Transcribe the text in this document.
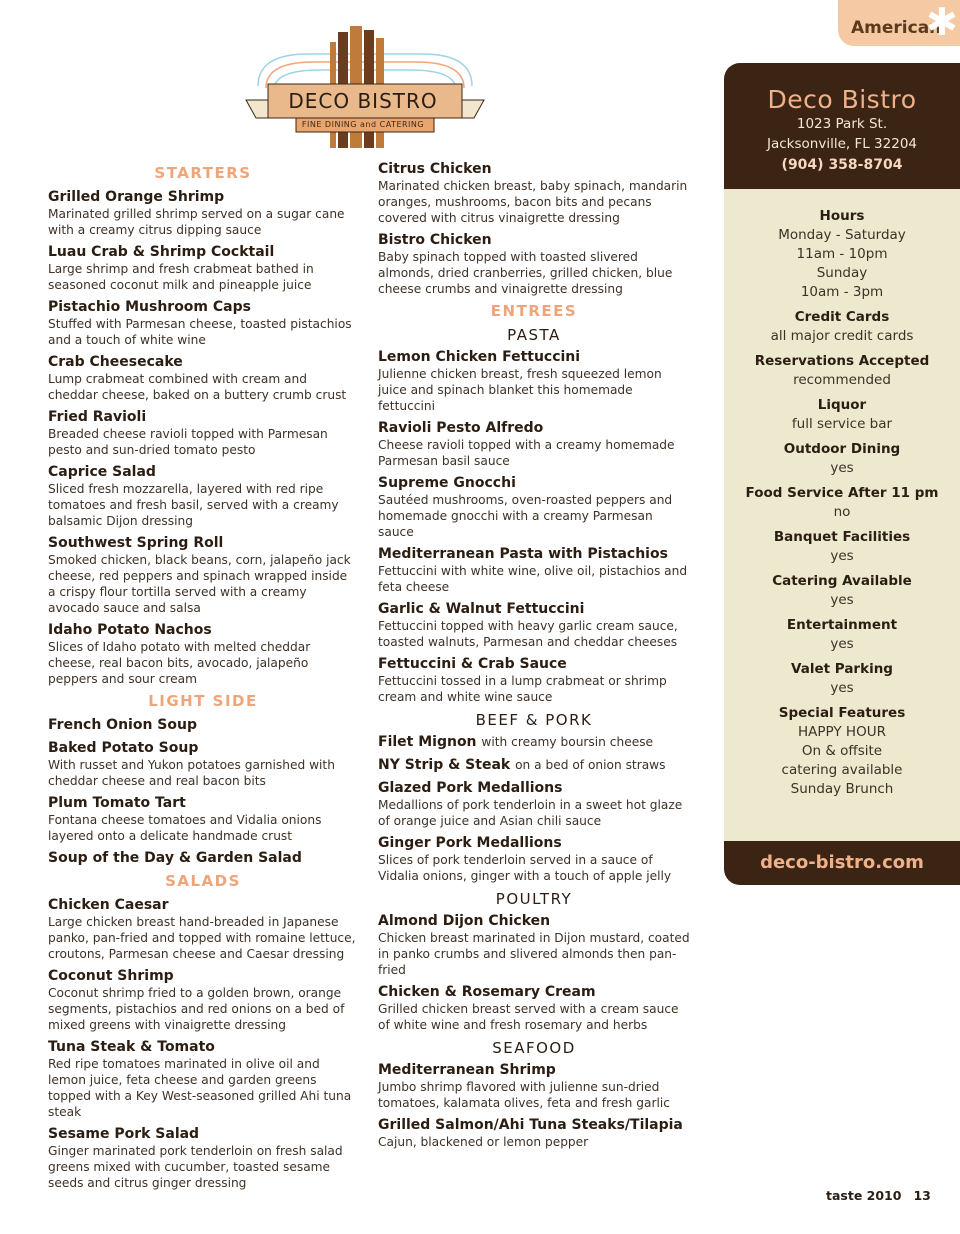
American
✱
DECO BISTRO
FINE DINING and CATERING
STARTERS
Grilled Orange Shrimp
Marinated grilled shrimp served on a sugar cane with a creamy citrus dipping sauce
Luau Crab & Shrimp Cocktail
Large shrimp and fresh crabmeat bathed in seasoned coconut milk and pineapple juice
Pistachio Mushroom Caps
Stuffed with Parmesan cheese, toasted pistachios and a touch of white wine
Crab Cheesecake
Lump crabmeat combined with cream and cheddar cheese, baked on a buttery crumb crust
Fried Ravioli
Breaded cheese ravioli topped with Parmesan pesto and sun-dried tomato pesto
Caprice Salad
Sliced fresh mozzarella, layered with red ripe tomatoes and fresh basil, served with a creamy balsamic Dijon dressing
Southwest Spring Roll
Smoked chicken, black beans, corn, jalapeño jack cheese, red peppers and spinach wrapped inside a crispy flour tortilla served with a creamy avocado sauce and salsa
Idaho Potato Nachos
Slices of Idaho potato with melted cheddar cheese, real bacon bits, avocado, jalapeño peppers and sour cream
LIGHT SIDE
French Onion Soup
Baked Potato Soup
With russet and Yukon potatoes garnished with cheddar cheese and real bacon bits
Plum Tomato Tart
Fontana cheese tomatoes and Vidalia onions layered onto a delicate handmade crust
Soup of the Day & Garden Salad
SALADS
Chicken Caesar
Large chicken breast hand-breaded in Japanese panko, pan-fried and topped with romaine lettuce, croutons, Parmesan cheese and Caesar dressing
Coconut Shrimp
Coconut shrimp fried to a golden brown, orange segments, pistachios and red onions on a bed of mixed greens with vinaigrette dressing
Tuna Steak & Tomato
Red ripe tomatoes marinated in olive oil and lemon juice, feta cheese and garden greens topped with a Key West-seasoned grilled Ahi tuna steak
Sesame Pork Salad
Ginger marinated pork tenderloin on fresh salad greens mixed with cucumber, toasted sesame seeds and citrus ginger dressing
Citrus Chicken
Marinated chicken breast, baby spinach, mandarin oranges, mushrooms, bacon bits and pecans covered with citrus vinaigrette dressing
Bistro Chicken
Baby spinach topped with toasted slivered almonds, dried cranberries, grilled chicken, blue cheese crumbs and vinaigrette dressing
ENTREES
PASTA
Lemon Chicken Fettuccini
Julienne chicken breast, fresh squeezed lemon juice and spinach blanket this homemade fettuccini
Ravioli Pesto Alfredo
Cheese ravioli topped with a creamy homemade Parmesan basil sauce
Supreme Gnocchi
Sautéed mushrooms, oven-roasted peppers and homemade gnocchi with a creamy Parmesan sauce
Mediterranean Pasta with Pistachios
Fettuccini with white wine, olive oil, pistachios and feta cheese
Garlic & Walnut Fettuccini
Fettuccini topped with heavy garlic cream sauce, toasted walnuts, Parmesan and cheddar cheeses
Fettuccini & Crab Sauce
Fettuccini tossed in a lump crabmeat or shrimp cream and white wine sauce
BEEF & PORK
Filet Mignon with creamy boursin cheese
NY Strip & Steak on a bed of onion straws
Glazed Pork Medallions
Medallions of pork tenderloin in a sweet hot glaze of orange juice and Asian chili sauce
Ginger Pork Medallions
Slices of pork tenderloin served in a sauce of Vidalia onions, ginger with a touch of apple jelly
POULTRY
Almond Dijon Chicken
Chicken breast marinated in Dijon mustard, coated in panko crumbs and slivered almonds then pan-fried
Chicken & Rosemary Cream
Grilled chicken breast served with a cream sauce of white wine and fresh rosemary and herbs
SEAFOOD
Mediterranean Shrimp
Jumbo shrimp flavored with julienne sun-dried tomatoes, kalamata olives, feta and fresh garlic
Grilled Salmon/Ahi Tuna Steaks/Tilapia
Cajun, blackened or lemon pepper
Deco Bistro
1023 Park St.
Jacksonville, FL 32204
(904) 358-8704
Hours
Monday - Saturday
11am - 10pm
Sunday
10am - 3pm
Credit Cards
all major credit cards
Reservations Accepted
recommended
Liquor
full service bar
Outdoor Dining
yes
Food Service After 11 pm
no
Banquet Facilities
yes
Catering Available
yes
Entertainment
yes
Valet Parking
yes
Special Features
HAPPY HOUR
On & offsite
catering available
Sunday Brunch
deco-bistro.com
taste 2010 13
